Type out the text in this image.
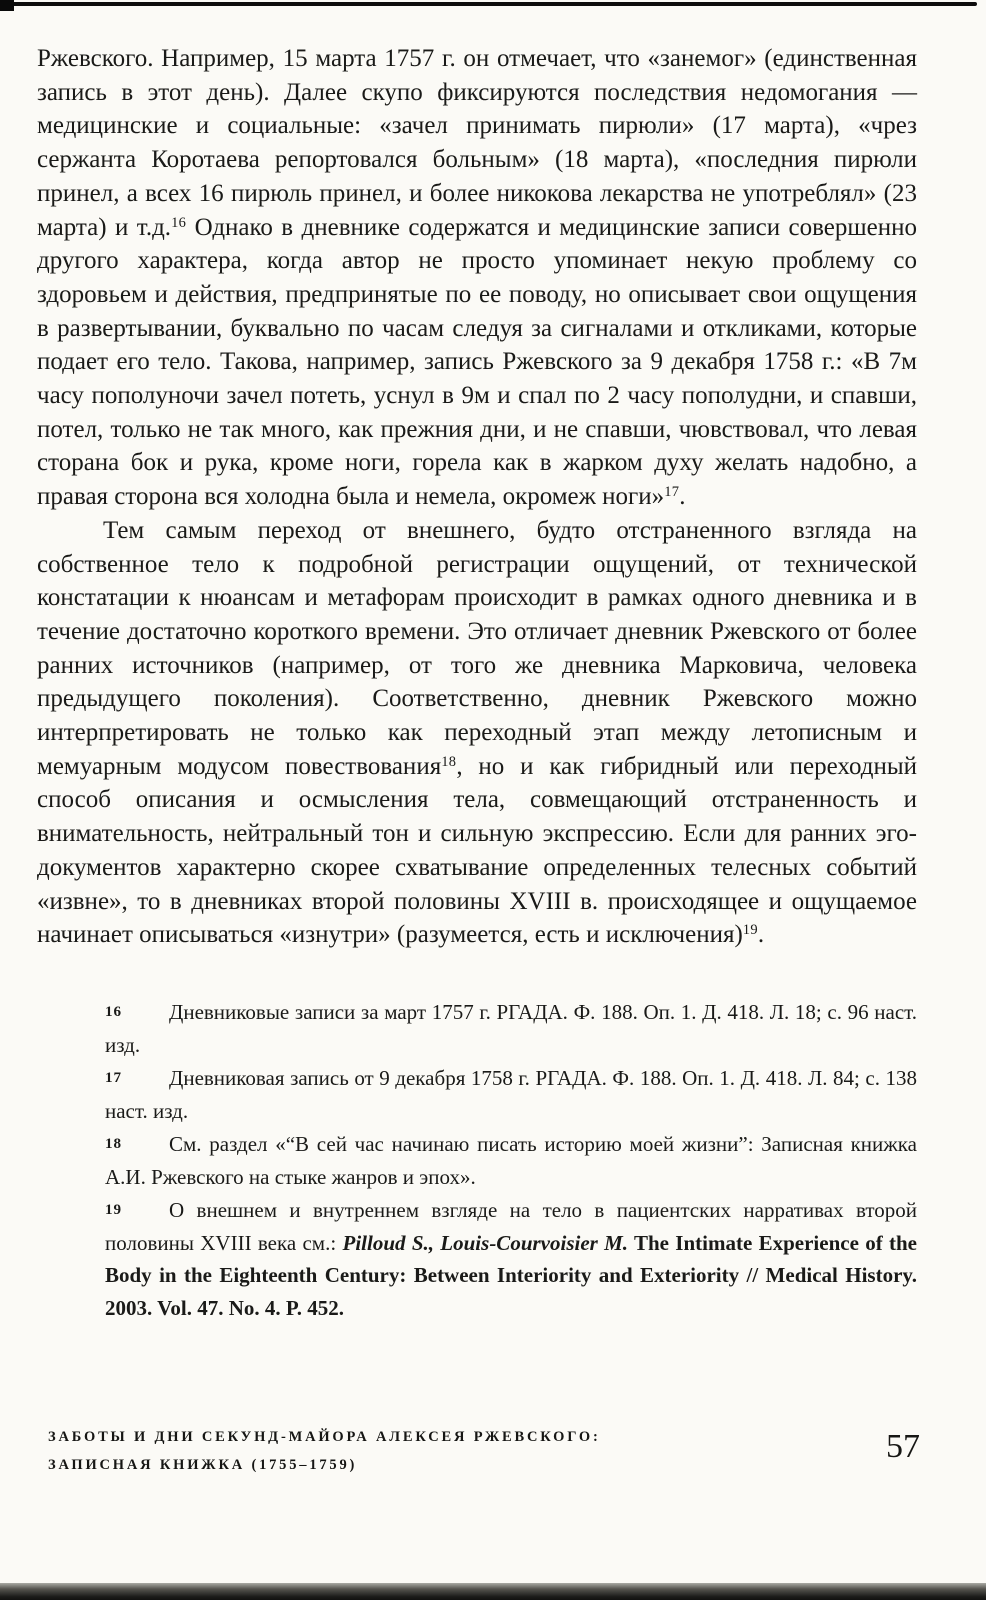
Ржевского. Например, 15 марта 1757 г. он отмечает, что «занемог» (единственная запись в этот день). Далее скупо фиксируются последствия недомогания — медицинские и социальные: «зачел принимать пирюли» (17 марта), «чрез сержанта Коротаева репортовался больным» (18 марта), «последния пирюли принел, а всех 16 пирюль принел, и более никокова лекарства не употреблял» (23 марта) и т.д.$^{16}$ Однако в дневнике содержатся и медицинские записи совершенно другого характера, когда автор не просто упоминает некую проблему со здоровьем и действия, предпринятые по ее поводу, но описывает свои ощущения в развертывании, буквально по часам следуя за сигналами и откликами, которые подает его тело. Такова, например, запись Ржевского за 9 декабря 1758 г.: «В 7м часу пополуночи зачел потеть, уснул в 9м и спал по 2 часу пополудни, и спавши, потел, только не так много, как прежния дни, и не спавши, чювствовал, что левая сторана бок и рука, кроме ноги, горела как в жарком духу желать надобно, а правая сторона вся холодна была и немела, окромеж ноги»$^{17}$.

Тем самым переход от внешнего, будто отстраненного взгляда на собственное тело к подробной регистрации ощущений, от технической констатации к нюансам и метафорам происходит в рамках одного дневника и в течение достаточно короткого времени. Это отличает дневник Ржевского от более ранних источников (например, от того же дневника Марковича, человека предыдущего поколения). Соответственно, дневник Ржевского можно интерпретировать не только как переходный этап между летописным и мемуарным модусом повествования$^{18}$, но и как гибридный или переходный способ описания и осмысления тела, совмещающий отстраненность и внимательность, нейтральный тон и сильную экспрессию. Если для ранних эго-документов характерно скорее схватывание определенных телесных событий «извне», то в дневниках второй половины XVIII в. происходящее и ощущаемое начинает описываться «изнутри» (разумеется, есть и исключения)$^{19}$.

16 Дневниковые записи за март 1757 г. РГАДА. Ф. 188. Оп. 1. Д. 418. Л. 18; с. 96 наст. изд.

17 Дневниковая запись от 9 декабря 1758 г. РГАДА. Ф. 188. Оп. 1. Д. 418. Л. 84; с. 138 наст. изд.

18 См. раздел «“В сей час начинаю писать историю моей жизни”: Записная книжка А.И. Ржевского на стыке жанров и эпох».

19 О внешнем и внутреннем взгляде на тело в пациентских нарративах второй половины XVIII века см.: Pilloud S., Louis-Courvoisier M. The Intimate Experience of the Body in the Eighteenth Century: Between Interiority and Exteriority // Medical History. 2003. Vol. 47. No. 4. P. 452.

ЗАБОТЫ И ДНИ СЕКУНД-МАЙОРА АЛЕКСЕЯ РЖЕВСКОГО:
ЗАПИСНАЯ КНИЖКА (1755–1759)	57
